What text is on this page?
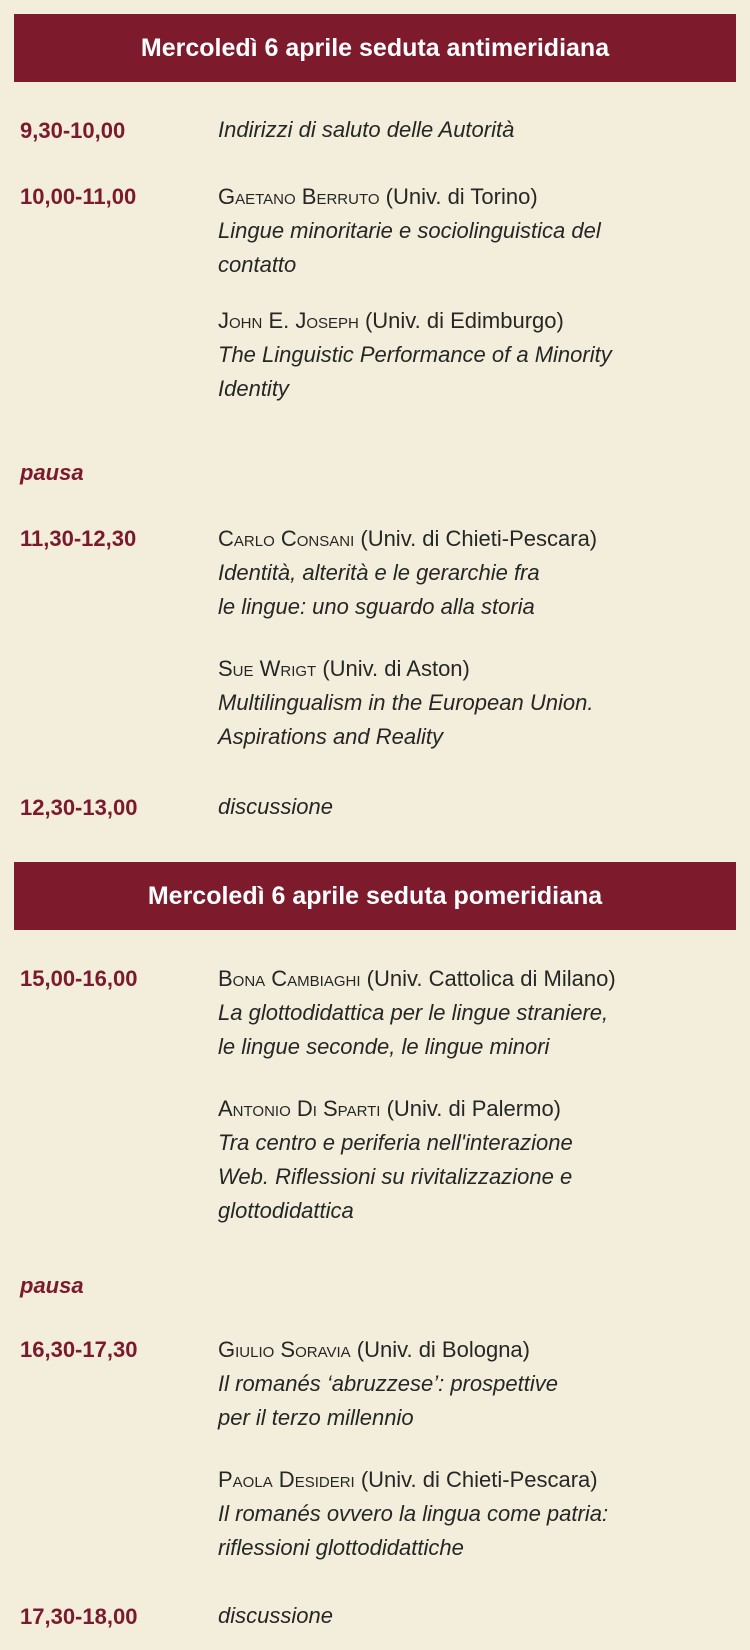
Mercoledì 6 aprile seduta antimeridiana
9,30-10,00	Indirizzi di saluto delle Autorità
10,00-11,00	Gaetano Berruto (Univ. di Torino)
Lingue minoritarie e sociolinguistica del
contatto
John E. Joseph (Univ. di Edimburgo)
The Linguistic Performance of a Minority
Identity
pausa
11,30-12,30	Carlo Consani (Univ. di Chieti-Pescara)
Identità, alterità e le gerarchie fra
le lingue: uno sguardo alla storia
Sue Wrigt (Univ. di Aston)
Multilingualism in the European Union.
Aspirations and Reality
12,30-13,00	discussione
Mercoledì 6 aprile seduta pomeridiana
15,00-16,00	Bona Cambiaghi (Univ. Cattolica di Milano)
La glottodidattica per le lingue straniere,
le lingue seconde, le lingue minori
Antonio Di Sparti (Univ. di Palermo)
Tra centro e periferia nell'interazione
Web. Riflessioni su rivitalizzazione e
glottodidattica
pausa
16,30-17,30	Giulio Soravia (Univ. di Bologna)
Il romanés ‘abruzzese’: prospettive
per il terzo millennio
Paola Desideri (Univ. di Chieti-Pescara)
Il romanés ovvero la lingua come patria:
riflessioni glottodidattiche
17,30-18,00	discussione
